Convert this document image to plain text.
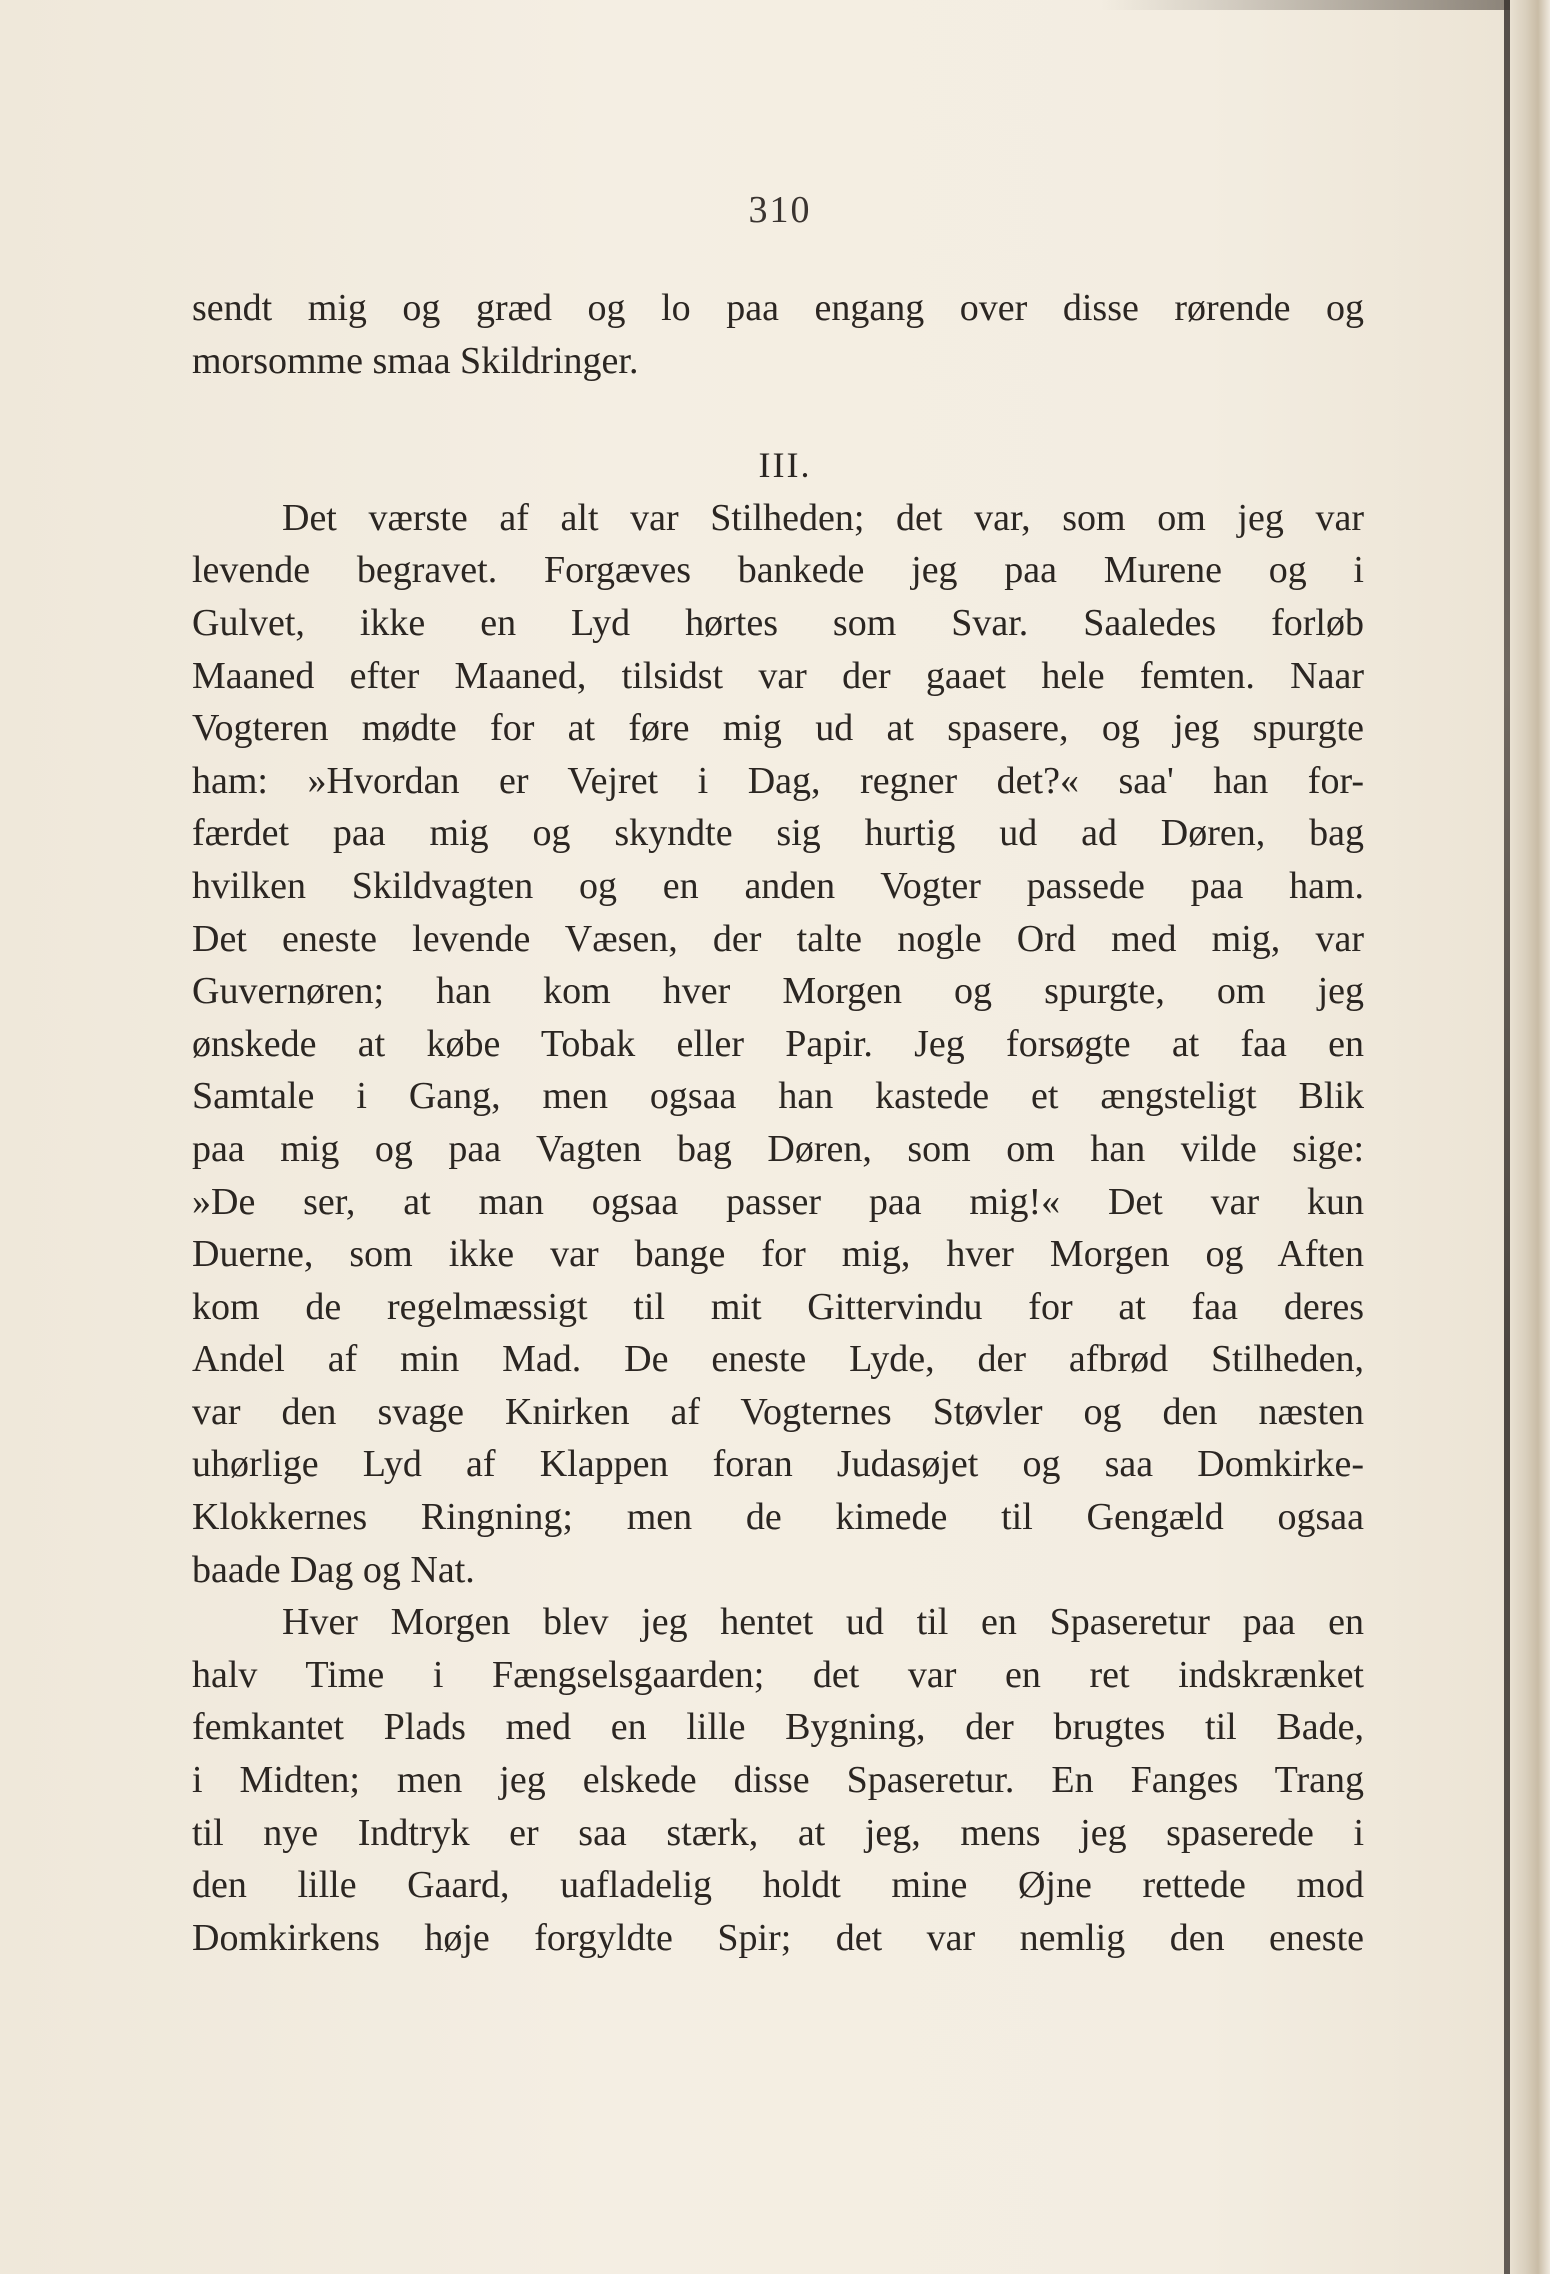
310
sendt mig og græd og lo paa engang over disse rørende og
morsomme smaa Skildringer.
III.
Det værste af alt var Stilheden; det var, som om jeg var
levende begravet. Forgæves bankede jeg paa Murene og i
Gulvet, ikke en Lyd hørtes som Svar. Saaledes forløb
Maaned efter Maaned, tilsidst var der gaaet hele femten. Naar
Vogteren mødte for at føre mig ud at spasere, og jeg spurgte
ham: »Hvordan er Vejret i Dag, regner det?« saa' han for-
færdet paa mig og skyndte sig hurtig ud ad Døren, bag
hvilken Skildvagten og en anden Vogter passede paa ham.
Det eneste levende Væsen, der talte nogle Ord med mig, var
Guvernøren; han kom hver Morgen og spurgte, om jeg
ønskede at købe Tobak eller Papir. Jeg forsøgte at faa en
Samtale i Gang, men ogsaa han kastede et ængsteligt Blik
paa mig og paa Vagten bag Døren, som om han vilde sige:
»De ser, at man ogsaa passer paa mig!« Det var kun
Duerne, som ikke var bange for mig, hver Morgen og Aften
kom de regelmæssigt til mit Gittervindu for at faa deres
Andel af min Mad. De eneste Lyde, der afbrød Stilheden,
var den svage Knirken af Vogternes Støvler og den næsten
uhørlige Lyd af Klappen foran Judasøjet og saa Domkirke-
Klokkernes Ringning; men de kimede til Gengæld ogsaa
baade Dag og Nat.
Hver Morgen blev jeg hentet ud til en Spaseretur paa en
halv Time i Fængselsgaarden; det var en ret indskrænket
femkantet Plads med en lille Bygning, der brugtes til Bade,
i Midten; men jeg elskede disse Spaseretur. En Fanges Trang
til nye Indtryk er saa stærk, at jeg, mens jeg spaserede i
den lille Gaard, uafladelig holdt mine Øjne rettede mod
Domkirkens høje forgyldte Spir; det var nemlig den eneste
